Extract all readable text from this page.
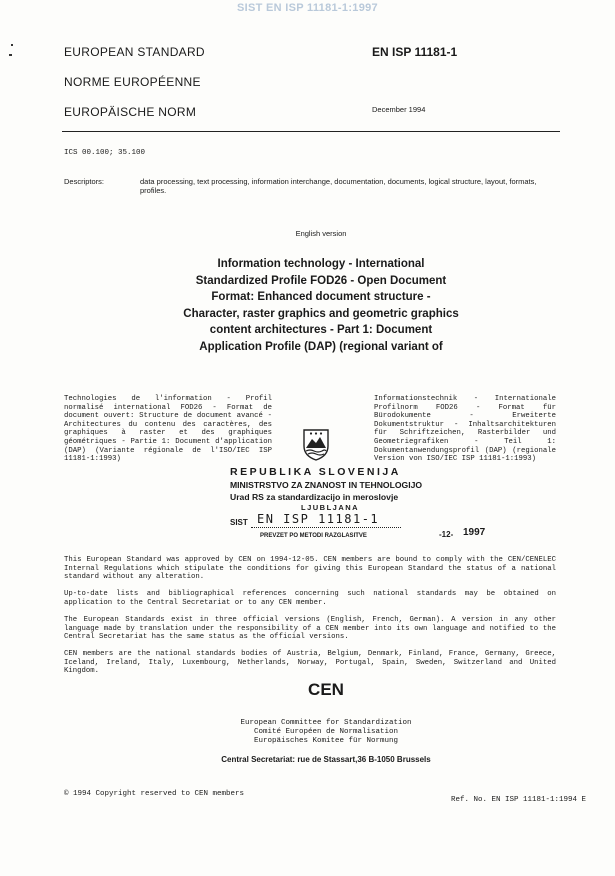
SIST EN ISP 11181-1:1997
EUROPEAN STANDARD
NORME EUROPÉENNE
EUROPÄISCHE NORM
EN ISP 11181-1
December 1994
ICS 00.100; 35.100
Descriptors:	data processing, text processing, information interchange, documentation, documents, logical structure, layout, formats, profiles.
English version
Information technology - International
Standardized Profile FOD26 - Open Document
Format: Enhanced document structure -
Character, raster graphics and geometric graphics
content architectures - Part 1: Document
Application Profile (DAP) (regional variant of
Technologies de l'information - Profil normalisé international FOD26 - Format de document ouvert: Structure de document avancé - Architectures du contenu des caractères, des graphiques à raster et des graphiques géométriques - Partie 1: Document d'application (DAP) (Variante régionale de l'ISO/IEC ISP 11181-1:1993)
Informationstechnik - Internationale Profilnorm FOD26 - Format für Bürodokumente - Erweiterte Dokumentstruktur - Inhaltsarchitekturen für Schriftzeichen, Rasterbilder und Geometriegrafiken - Teil 1: Dokumentanwendungsprofil (DAP) (regionale Version von ISO/IEC ISP 11181-1:1993)
REPUBLIKA SLOVENIJA
MINISTRSTVO ZA ZNANOST IN TEHNOLOGIJO
Urad RS za standardizacijo in meroslovje
LJUBLJANA
SIST EN ISP 11181-1
-12- 1997
PREVZET PO METODI RAZGLASITVE
This European Standard was approved by CEN on 1994-12-05. CEN members are bound to comply with the CEN/CENELEC Internal Regulations which stipulate the conditions for giving this European Standard the status of a national standard without any alteration.
Up-to-date lists and bibliographical references concerning such national standards may be obtained on application to the Central Secretariat or to any CEN member.
The European Standards exist in three official versions (English, French, German). A version in any other language made by translation under the responsibility of a CEN member into its own language and notified to the Central Secretariat has the same status as the official versions.
CEN members are the national standards bodies of Austria, Belgium, Denmark, Finland, France, Germany, Greece, Iceland, Ireland, Italy, Luxembourg, Netherlands, Norway, Portugal, Spain, Sweden, Switzerland and United Kingdom.
CEN
European Committee for Standardization
Comité Européen de Normalisation
Europäisches Komitee für Normung
Central Secretariat: rue de Stassart,36 B-1050 Brussels
© 1994 Copyright reserved to CEN members
Ref. No. EN ISP 11181-1:1994 E
